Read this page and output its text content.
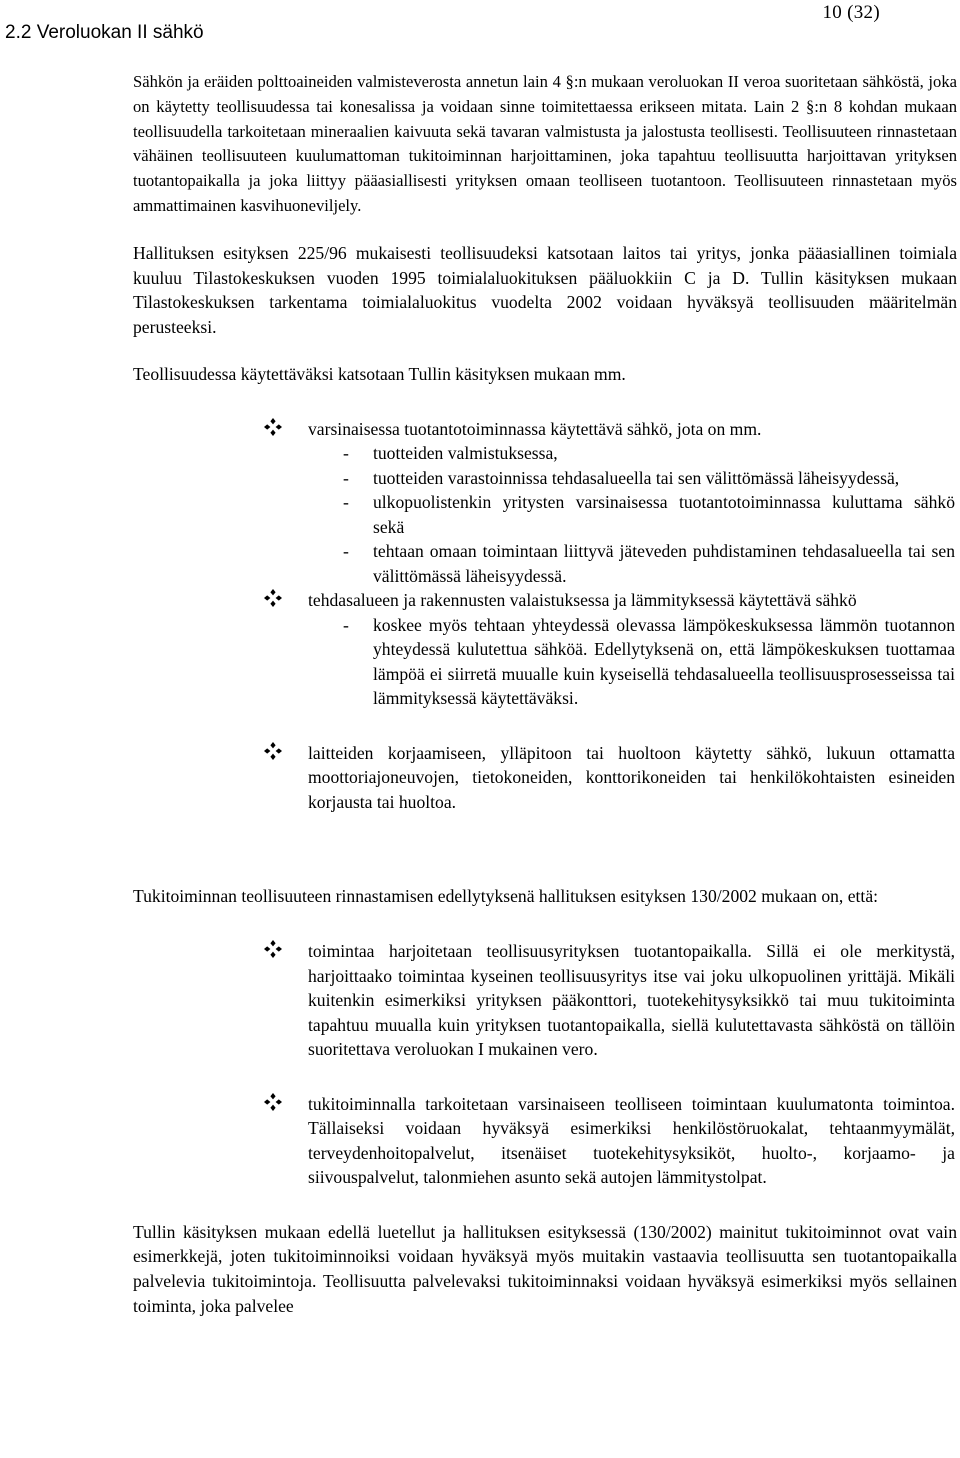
10 (32)
2.2 Veroluokan II sähkö

Sähkön ja eräiden polttoaineiden valmisteverosta annetun lain 4 §:n mukaan veroluokan II veroa suoritetaan sähköstä, joka on käytetty teollisuudessa tai konesalissa ja voidaan sinne toimitettaessa erikseen mitata. Lain 2 §:n 8 kohdan mukaan teollisuudella tarkoitetaan mineraalien kaivuuta sekä tavaran valmistusta ja jalostusta teollisesti. Teollisuuteen rinnastetaan vähäinen teollisuuteen kuulumattoman tukitoiminnan harjoittaminen, joka tapahtuu teollisuutta harjoittavan yrityksen tuotantopaikalla ja joka liittyy pääasiallisesti yrityksen omaan teolliseen tuotantoon. Teollisuuteen rinnastetaan myös ammattimainen kasvihuoneviljely.

Hallituksen esityksen 225/96 mukaisesti teollisuudeksi katsotaan laitos tai yritys, jonka pääasiallinen toimiala kuuluu Tilastokeskuksen vuoden 1995 toimialaluokituksen pääluokkiin C ja D. Tullin käsityksen mukaan Tilastokeskuksen tarkentama toimialaluokitus vuodelta 2002 voidaan hyväksyä teollisuuden määritelmän perusteeksi.

Teollisuudessa käytettäväksi katsotaan Tullin käsityksen mukaan mm.

varsinaisessa tuotantotoiminnassa käytettävä sähkö, jota on mm.
- tuotteiden valmistuksessa,
- tuotteiden varastoinnissa tehdasalueella tai sen välittömässä läheisyydessä,
- ulkopuolistenkin yritysten varsinaisessa tuotantotoiminnassa kuluttama sähkö sekä
- tehtaan omaan toimintaan liittyvä jäteveden puhdistaminen tehdasalueella tai sen välittömässä läheisyydessä.
tehdasalueen ja rakennusten valaistuksessa ja lämmityksessä käytettävä sähkö
- koskee myös tehtaan yhteydessä olevassa lämpökeskuksessa lämmön tuotannon yhteydessä kulutettua sähköä. Edellytyksenä on, että lämpökeskuksen tuottamaa lämpöä ei siirretä muualle kuin kyseisellä tehdasalueella teollisuusprosesseissa tai lämmityksessä käytettäväksi.
laitteiden korjaamiseen, ylläpitoon tai huoltoon käytetty sähkö, lukuun ottamatta moottoriajoneuvojen, tietokoneiden, konttorikoneiden tai henkilökohtaisten esineiden korjausta tai huoltoa.

Tukitoiminnan teollisuuteen rinnastamisen edellytyksenä hallituksen esityksen 130/2002 mukaan on, että:

toimintaa harjoitetaan teollisuusyrityksen tuotantopaikalla. Sillä ei ole merkitystä, harjoittaako toimintaa kyseinen teollisuusyritys itse vai joku ulkopuolinen yrittäjä. Mikäli kuitenkin esimerkiksi yrityksen pääkonttori, tuotekehitysyksikkö tai muu tukitoiminta tapahtuu muualla kuin yrityksen tuotantopaikalla, siellä kulutettavasta sähköstä on tällöin suoritettava veroluokan I mukainen vero.
tukitoiminnalla tarkoitetaan varsinaiseen teolliseen toimintaan kuulumatonta toimintoa. Tällaiseksi voidaan hyväksyä esimerkiksi henkilöstöruokalat, tehtaanmyymälät, terveydenhoitopalvelut, itsenäiset tuotekehitysyksiköt, huolto-, korjaamo- ja siivouspalvelut, talonmiehen asunto sekä autojen lämmitystolpat.

Tullin käsityksen mukaan edellä luetellut ja hallituksen esityksessä (130/2002) mainitut tukitoiminnot ovat vain esimerkkejä, joten tukitoiminnoiksi voidaan hyväksyä myös muitakin vastaavia teollisuutta sen tuotantopaikalla palvelevia tukitoimintoja. Teollisuutta palvelevaksi tukitoiminnaksi voidaan hyväksyä esimerkiksi myös sellainen toiminta, joka palvelee
